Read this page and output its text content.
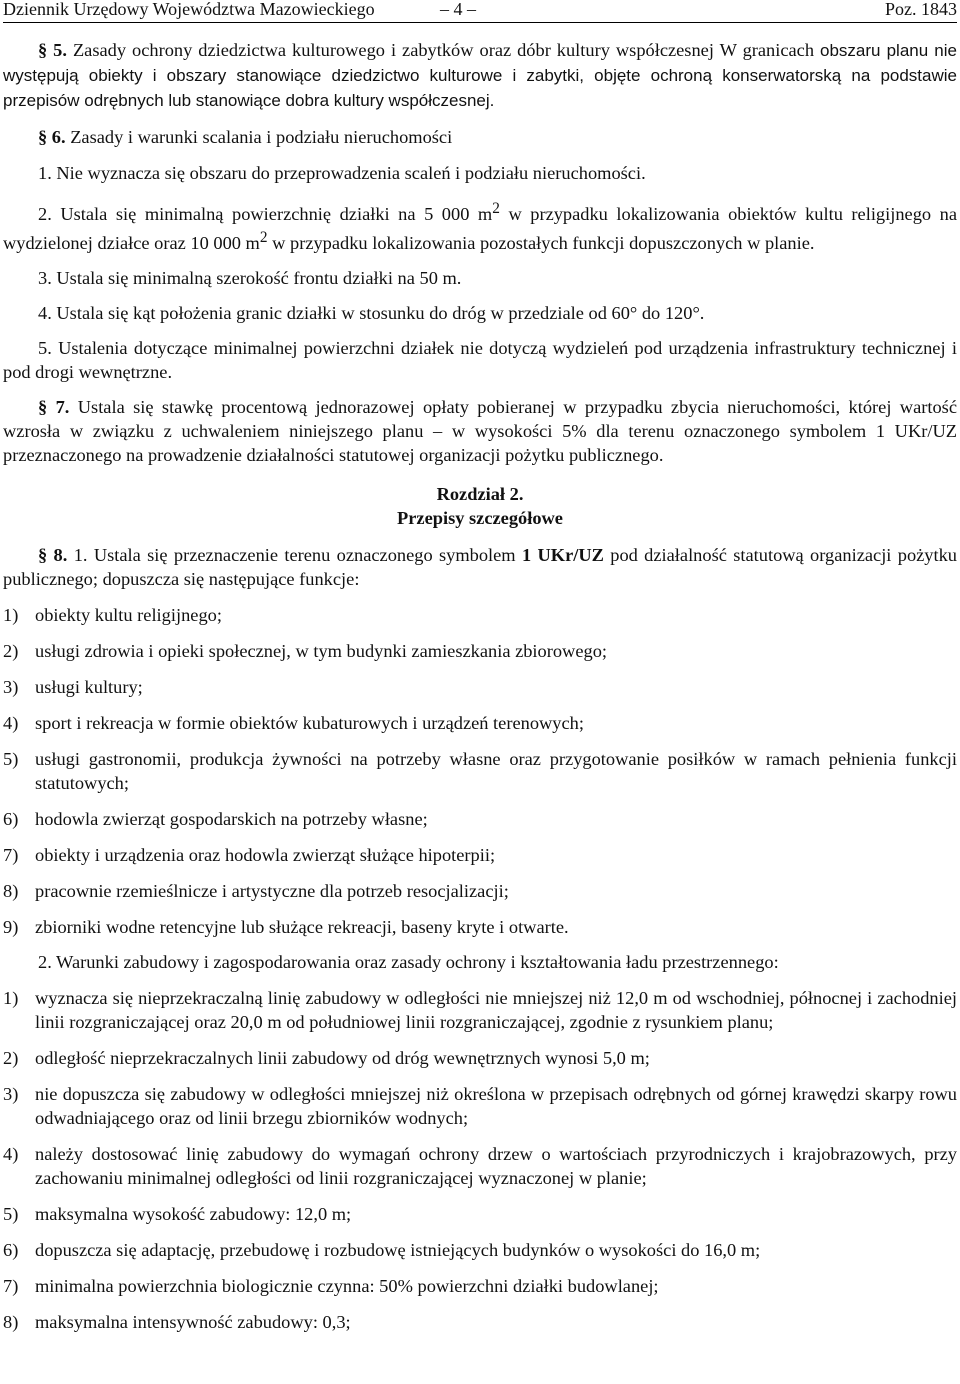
Dziennik Urzędowy Województwa Mazowieckiego	– 4 –	Poz. 1843

§ 5. Zasady ochrony dziedzictwa kulturowego i zabytków oraz dóbr kultury współczesnej W granicach obszaru planu nie występują obiekty i obszary stanowiące dziedzictwo kulturowe i zabytki, objęte ochroną konserwatorską na podstawie przepisów odrębnych lub stanowiące dobra kultury współczesnej.

§ 6. Zasady i warunki scalania i podziału nieruchomości

1. Nie wyznacza się obszaru do przeprowadzenia scaleń i podziału nieruchomości.

2. Ustala się minimalną powierzchnię działki na 5 000 $m^2$ w przypadku lokalizowania obiektów kultu religijnego na wydzielonej działce oraz 10 000 $m^2$ w przypadku lokalizowania pozostałych funkcji dopuszczonych w planie.

3. Ustala się minimalną szerokość frontu działki na 50 m.

4. Ustala się kąt położenia granic działki w stosunku do dróg w przedziale od 60° do 120°.

5. Ustalenia dotyczące minimalnej powierzchni działek nie dotyczą wydzieleń pod urządzenia infrastruktury technicznej i pod drogi wewnętrzne.

§ 7. Ustala się stawkę procentową jednorazowej opłaty pobieranej w przypadku zbycia nieruchomości, której wartość wzrosła w związku z uchwaleniem niniejszego planu – w wysokości 5% dla terenu oznaczonego symbolem 1 UKr/UZ przeznaczonego na prowadzenie działalności statutowej organizacji pożytku publicznego.

Rozdział 2.

Przepisy szczegółowe

§ 8. 1. Ustala się przeznaczenie terenu oznaczonego symbolem 1 UKr/UZ pod działalność statutową organizacji pożytku publicznego; dopuszcza się następujące funkcje:

1) obiekty kultu religijnego;
2) usługi zdrowia i opieki społecznej, w tym budynki zamieszkania zbiorowego;
3) usługi kultury;
4) sport i rekreacja w formie obiektów kubaturowych i urządzeń terenowych;
5) usługi gastronomii, produkcja żywności na potrzeby własne oraz przygotowanie posiłków w ramach pełnienia funkcji statutowych;
6) hodowla zwierząt gospodarskich na potrzeby własne;
7) obiekty i urządzenia oraz hodowla zwierząt służące hipoterpii;
8) pracownie rzemieślnicze i artystyczne dla potrzeb resocjalizacji;
9) zbiorniki wodne retencyjne lub służące rekreacji, baseny kryte i otwarte.

2. Warunki zabudowy i zagospodarowania oraz zasady ochrony i kształtowania ładu przestrzennego:

1) wyznacza się nieprzekraczalną linię zabudowy w odległości nie mniejszej niż 12,0 m od wschodniej, północnej i zachodniej linii rozgraniczającej oraz 20,0 m od południowej linii rozgraniczającej, zgodnie z rysunkiem planu;
2) odległość nieprzekraczalnych linii zabudowy od dróg wewnętrznych wynosi 5,0 m;
3) nie dopuszcza się zabudowy w odległości mniejszej niż określona w przepisach odrębnych od górnej krawędzi skarpy rowu odwadniającego oraz od linii brzegu zbiorników wodnych;
4) należy dostosować linię zabudowy do wymagań ochrony drzew o wartościach przyrodniczych i krajobrazowych, przy zachowaniu minimalnej odległości od linii rozgraniczającej wyznaczonej w planie;
5) maksymalna wysokość zabudowy: 12,0 m;
6) dopuszcza się adaptację, przebudowę i rozbudowę istniejących budynków o wysokości do 16,0 m;
7) minimalna powierzchnia biologicznie czynna: 50% powierzchni działki budowlanej;
8) maksymalna intensywność zabudowy: 0,3;
